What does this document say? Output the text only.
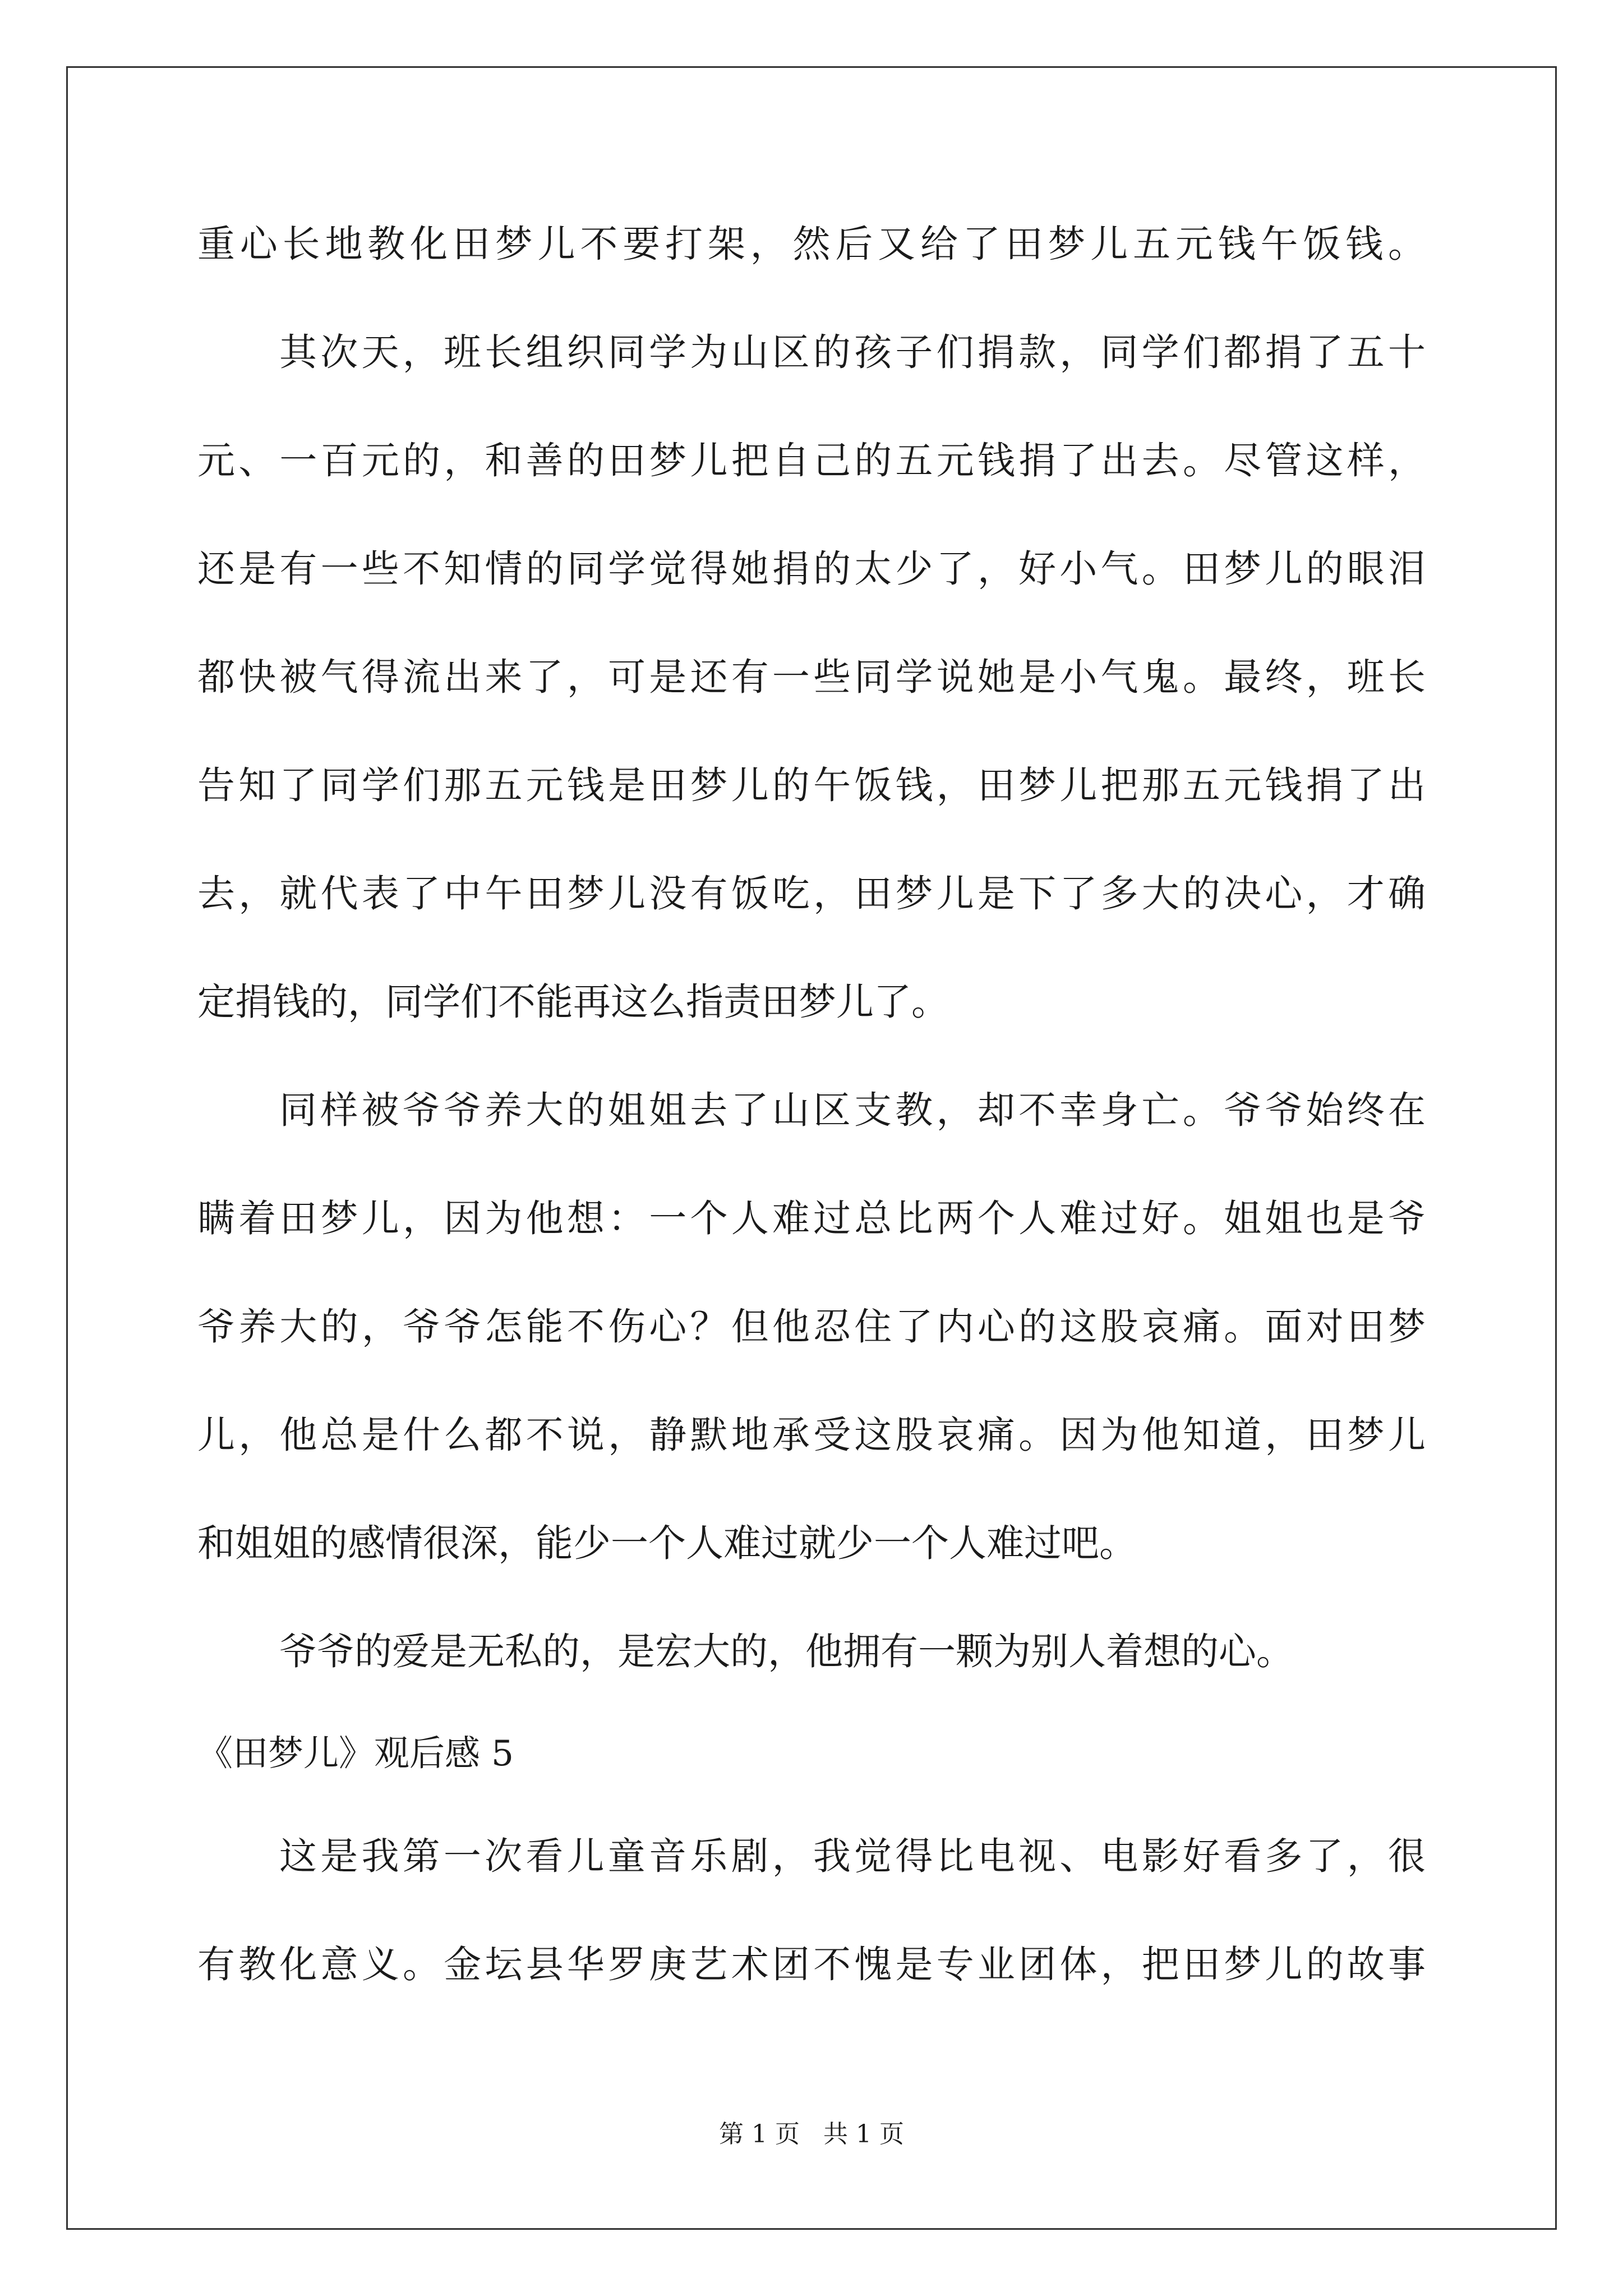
重心长地教化田梦儿不要打架，然后又给了田梦儿五元钱午饭钱。
其次天，班长组织同学为山区的孩子们捐款，同学们都捐了五十
元、一百元的，和善的田梦儿把自己的五元钱捐了出去。尽管这样，
还是有一些不知情的同学觉得她捐的太少了，好小气。田梦儿的眼泪
都快被气得流出来了，可是还有一些同学说她是小气鬼。最终，班长
告知了同学们那五元钱是田梦儿的午饭钱，田梦儿把那五元钱捐了出
去，就代表了中午田梦儿没有饭吃，田梦儿是下了多大的决心，才确
定捐钱的，同学们不能再这么指责田梦儿了。
同样被爷爷养大的姐姐去了山区支教，却不幸身亡。爷爷始终在
瞒着田梦儿，因为他想：一个人难过总比两个人难过好。姐姐也是爷
爷养大的，爷爷怎能不伤心？但他忍住了内心的这股哀痛。面对田梦
儿，他总是什么都不说，静默地承受这股哀痛。因为他知道，田梦儿
和姐姐的感情很深，能少一个人难过就少一个人难过吧。
爷爷的爱是无私的，是宏大的，他拥有一颗为别人着想的心。
《田梦儿》观后感 5
这是我第一次看儿童音乐剧，我觉得比电视、电影好看多了，很
有教化意义。金坛县华罗庚艺术团不愧是专业团体，把田梦儿的故事
第 1 页   共 1 页
